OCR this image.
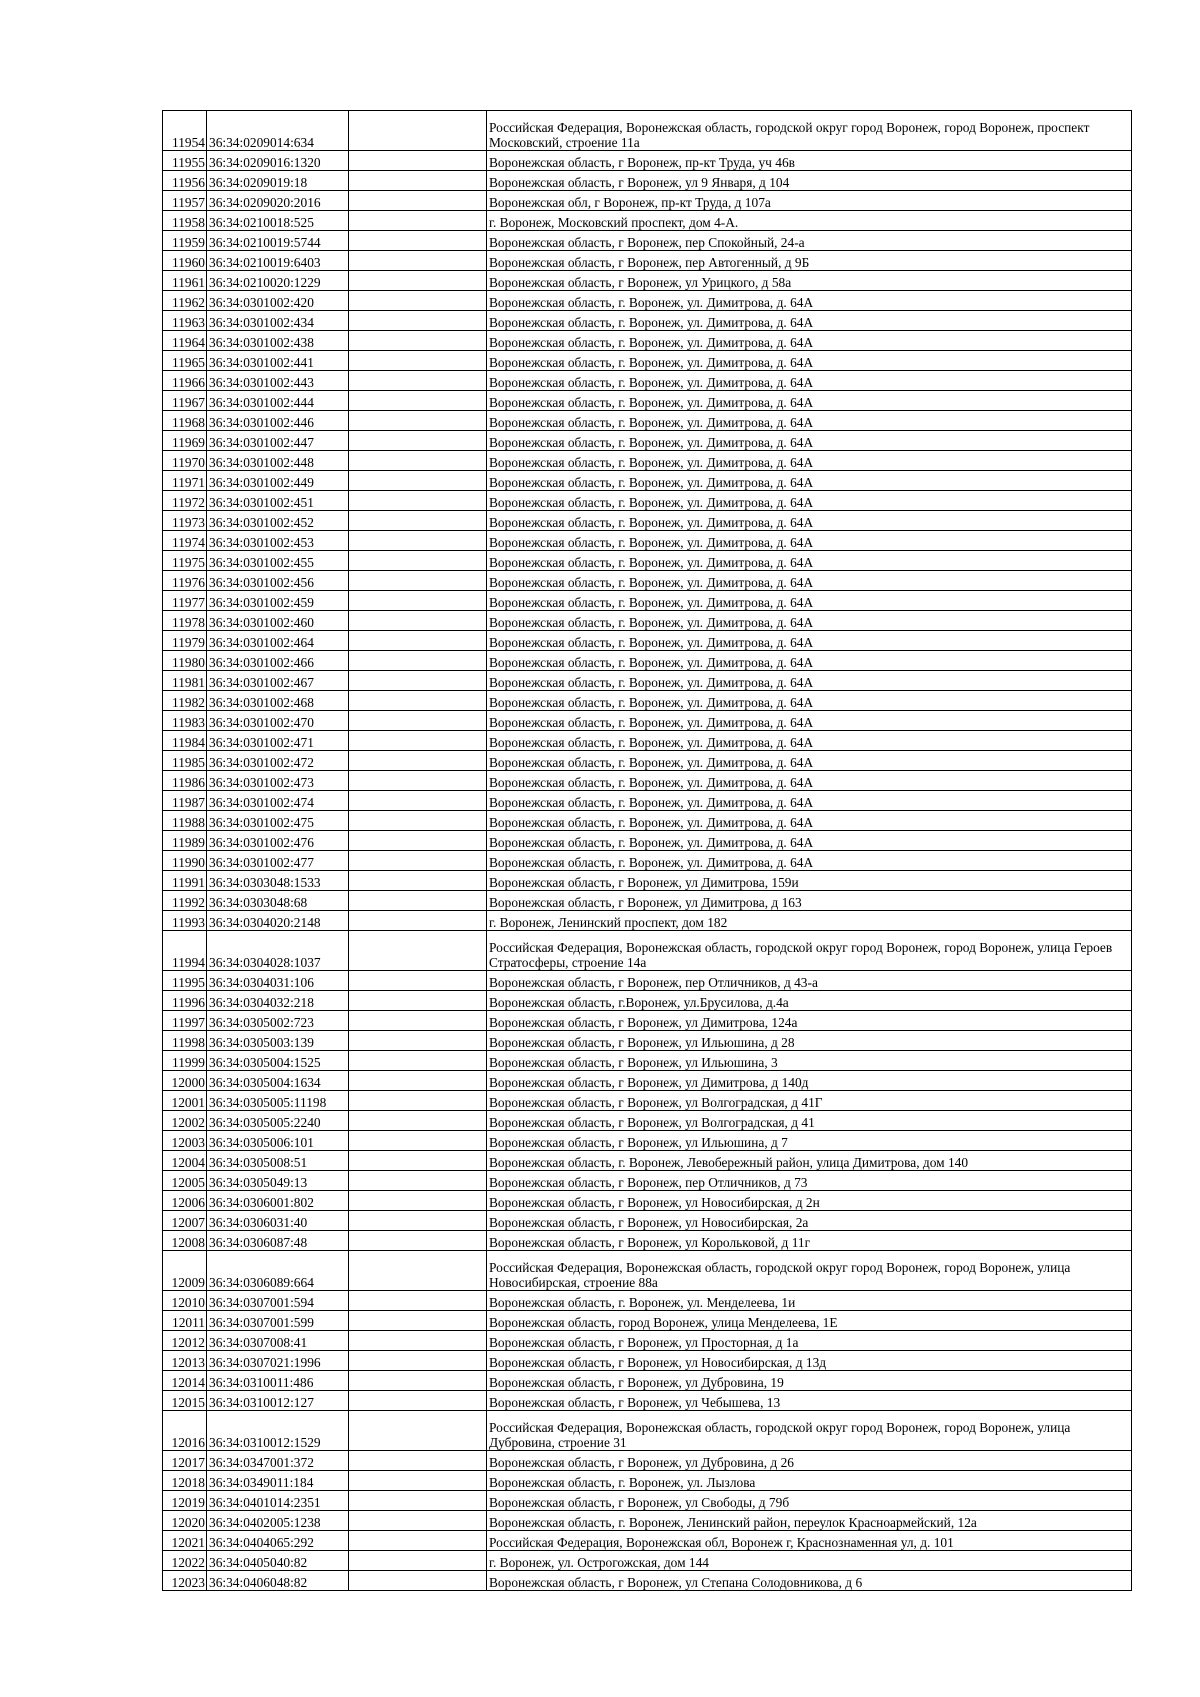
11954	36:34:0209014:634		Российская Федерация, Воронежская область, городской округ город Воронеж, город Воронеж, проспект Московский, строение 11а
11955	36:34:0209016:1320		Воронежская область, г Воронеж, пр-кт Труда, уч 46в
11956	36:34:0209019:18		Воронежская область, г Воронеж, ул 9 Января, д 104
11957	36:34:0209020:2016		Воронежская обл, г Воронеж, пр-кт Труда, д 107а
11958	36:34:0210018:525		г. Воронеж, Московский проспект, дом 4-А.
11959	36:34:0210019:5744		Воронежская область, г Воронеж, пер Спокойный, 24-а
11960	36:34:0210019:6403		Воронежская область, г Воронеж, пер Автогенный, д 9Б
11961	36:34:0210020:1229		Воронежская область, г Воронеж, ул Урицкого, д 58а
11962	36:34:0301002:420		Воронежская область, г. Воронеж, ул. Димитрова, д. 64А
11963	36:34:0301002:434		Воронежская область, г. Воронеж, ул. Димитрова, д. 64А
11964	36:34:0301002:438		Воронежская область, г. Воронеж, ул. Димитрова, д. 64А
11965	36:34:0301002:441		Воронежская область, г. Воронеж, ул. Димитрова, д. 64А
11966	36:34:0301002:443		Воронежская область, г. Воронеж, ул. Димитрова, д. 64А
11967	36:34:0301002:444		Воронежская область, г. Воронеж, ул. Димитрова, д. 64А
11968	36:34:0301002:446		Воронежская область, г. Воронеж, ул. Димитрова, д. 64А
11969	36:34:0301002:447		Воронежская область, г. Воронеж, ул. Димитрова, д. 64А
11970	36:34:0301002:448		Воронежская область, г. Воронеж, ул. Димитрова, д. 64А
11971	36:34:0301002:449		Воронежская область, г. Воронеж, ул. Димитрова, д. 64А
11972	36:34:0301002:451		Воронежская область, г. Воронеж, ул. Димитрова, д. 64А
11973	36:34:0301002:452		Воронежская область, г. Воронеж, ул. Димитрова, д. 64А
11974	36:34:0301002:453		Воронежская область, г. Воронеж, ул. Димитрова, д. 64А
11975	36:34:0301002:455		Воронежская область, г. Воронеж, ул. Димитрова, д. 64А
11976	36:34:0301002:456		Воронежская область, г. Воронеж, ул. Димитрова, д. 64А
11977	36:34:0301002:459		Воронежская область, г. Воронеж, ул. Димитрова, д. 64А
11978	36:34:0301002:460		Воронежская область, г. Воронеж, ул. Димитрова, д. 64А
11979	36:34:0301002:464		Воронежская область, г. Воронеж, ул. Димитрова, д. 64А
11980	36:34:0301002:466		Воронежская область, г. Воронеж, ул. Димитрова, д. 64А
11981	36:34:0301002:467		Воронежская область, г. Воронеж, ул. Димитрова, д. 64А
11982	36:34:0301002:468		Воронежская область, г. Воронеж, ул. Димитрова, д. 64А
11983	36:34:0301002:470		Воронежская область, г. Воронеж, ул. Димитрова, д. 64А
11984	36:34:0301002:471		Воронежская область, г. Воронеж, ул. Димитрова, д. 64А
11985	36:34:0301002:472		Воронежская область, г. Воронеж, ул. Димитрова, д. 64А
11986	36:34:0301002:473		Воронежская область, г. Воронеж, ул. Димитрова, д. 64А
11987	36:34:0301002:474		Воронежская область, г. Воронеж, ул. Димитрова, д. 64А
11988	36:34:0301002:475		Воронежская область, г. Воронеж, ул. Димитрова, д. 64А
11989	36:34:0301002:476		Воронежская область, г. Воронеж, ул. Димитрова, д. 64А
11990	36:34:0301002:477		Воронежская область, г. Воронеж, ул. Димитрова, д. 64А
11991	36:34:0303048:1533		Воронежская область, г Воронеж, ул Димитрова, 159и
11992	36:34:0303048:68		Воронежская область, г Воронеж, ул Димитрова, д 163
11993	36:34:0304020:2148		г. Воронеж, Ленинский проспект, дом 182
11994	36:34:0304028:1037		Российская Федерация, Воронежская область, городской округ город Воронеж, город Воронеж, улица Героев Стратосферы, строение 14а
11995	36:34:0304031:106		Воронежская область, г Воронеж, пер Отличников, д 43-а
11996	36:34:0304032:218		Воронежская область, г.Воронеж, ул.Брусилова, д.4а
11997	36:34:0305002:723		Воронежская область, г Воронеж, ул Димитрова, 124а
11998	36:34:0305003:139		Воронежская область, г Воронеж, ул Ильюшина, д 28
11999	36:34:0305004:1525		Воронежская область, г Воронеж, ул Ильюшина, 3
12000	36:34:0305004:1634		Воронежская область, г Воронеж, ул Димитрова, д 140д
12001	36:34:0305005:11198		Воронежская область, г Воронеж, ул Волгоградская, д 41Г
12002	36:34:0305005:2240		Воронежская область, г Воронеж, ул Волгоградская, д 41
12003	36:34:0305006:101		Воронежская область, г Воронеж, ул Ильюшина, д 7
12004	36:34:0305008:51		Воронежская область, г. Воронеж, Левобережный район, улица Димитрова, дом 140
12005	36:34:0305049:13		Воронежская область, г Воронеж, пер Отличников, д 73
12006	36:34:0306001:802		Воронежская область, г Воронеж, ул Новосибирская, д 2н
12007	36:34:0306031:40		Воронежская область, г Воронеж, ул Новосибирская, 2а
12008	36:34:0306087:48		Воронежская область, г Воронеж, ул Корольковой, д 11г
12009	36:34:0306089:664		Российская Федерация, Воронежская область, городской округ город Воронеж, город Воронеж, улица Новосибирская, строение 88а
12010	36:34:0307001:594		Воронежская область, г. Воронеж, ул. Менделеева, 1и
12011	36:34:0307001:599		Воронежская область, город Воронеж, улица Менделеева, 1Е
12012	36:34:0307008:41		Воронежская область, г Воронеж, ул Просторная, д 1а
12013	36:34:0307021:1996		Воронежская область, г Воронеж, ул Новосибирская, д 13д
12014	36:34:0310011:486		Воронежская область, г Воронеж, ул Дубровина, 19
12015	36:34:0310012:127		Воронежская область, г Воронеж, ул Чебышева, 13
12016	36:34:0310012:1529		Российская Федерация, Воронежская область, городской округ город Воронеж, город Воронеж, улица Дубровина, строение 31
12017	36:34:0347001:372		Воронежская область, г Воронеж, ул Дубровина, д 26
12018	36:34:0349011:184		Воронежская область, г. Воронеж, ул. Лызлова
12019	36:34:0401014:2351		Воронежская область, г Воронеж, ул Свободы, д 79б
12020	36:34:0402005:1238		Воронежская область, г. Воронеж, Ленинский район, переулок Красноармейский, 12а
12021	36:34:0404065:292		Российская Федерация, Воронежская обл, Воронеж г, Краснознаменная ул, д. 101
12022	36:34:0405040:82		г. Воронеж, ул. Острогожская, дом 144
12023	36:34:0406048:82		Воронежская область, г Воронеж, ул Степана Солодовникова, д 6
